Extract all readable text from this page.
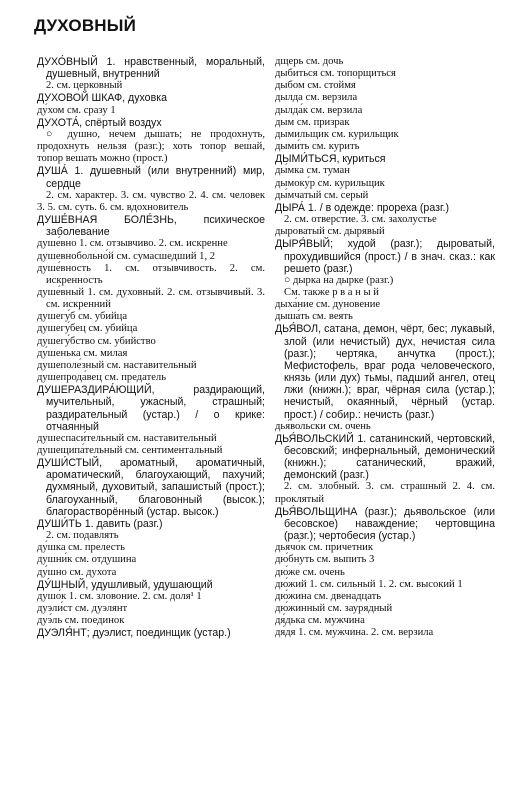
ДУХОВНЫЙ
ДУХО́ВНЫЙ 1. нравственный, моральный, душевный, внутренний
2. см. церковный
ДУХОВОЙ ШКАФ, духовка
ду́хом см. сразу 1
ДУХОТА́, спёртый воздух
○ душно, нечем дышать; не продохнуть, продохнуть нельзя (разг.); хоть топор вешай, топор вешать можно (прост.)
ДУША́ 1. душевный (или внутренний) мир, сердце
2. см. характер. 3. см. чувство 2. 4. см. человек 3. 5. см. суть. 6. см. вдохновитель
ДУШЕ́ВНАЯ БОЛЕ́ЗНЬ, психическое заболевание
душе́вно 1. см. отзывчиво. 2. см. искренне
душевнобольно́й см. сумасшедший 1, 2
душе́вность 1. см. отзывчивость. 2. см. искренность
душе́вный 1. см. духовный. 2. см. отзывчивый. 3. см. искренний
душегу́б см. убийца
душегу́бец см. убийца
душегу́бство см. убийство
ду́шенька см. милая
душеполе́зный см. наставительный
душепрода́вец см. предатель
ДУШЕРАЗДИРА́ЮЩИЙ, раздирающий, мучительный, ужасный, страшный; раздирательный (устар.) / о крике: отчаянный
душеспаси́тельный см. наставительный
душещипа́тельный см. сентиментальный
ДУШИ́СТЫЙ, ароматный, ароматичный, ароматический, благоухающий, пахучий; духмяный, духовитый, запашистый (прост.); благоуханный, благовонный (высок.); благорастворённый (устар. высок.)
ДУШИ́ТЬ 1. давить (разг.)
2. см. подавлять
ду́шка см. прелесть
душни́к см. отдушина
ду́шно см. духота
ДУ́ШНЫЙ, удушливый, удушающий
душо́к 1. см. зловоние. 2. см. доля¹ 1
дуэли́ст см. дуэлянт
дуэ́ль см. поединок
ДУЭЛЯ́НТ; дуэлист, поединщик (устар.)
дщерь см. дочь
дыбиться см. топорщиться
дыбом см. стоймя
дылда см. верзила
дылда́к см. верзила
дым см. призрак
дымильщик см. курильщик
дыми́ть см. курить
ДЫМИ́ТЬСЯ, куриться
ды́мка см. туман
дымоку́р см. курильщик
ды́мчатый см. серый
ДЫРА́ 1. / в одежде: прореха (разг.)
2. см. отверстие. 3. см. захолустье
дыроватый см. дырявый
ДЫРЯ́ВЫЙ; худой (разг.); дыроватый, прохудившийся (прост.) / в знач. сказ.: как решето (разг.)
○ дырка на дырке (разг.)
См. также р в а н ы й
дыха́ние см. дуновение
дыша́ть см. веять
ДЬЯ́ВОЛ, сатана, демон, чёрт, бес; лукавый, злой (или нечистый) дух, нечистая сила (разг.); чертяка, анчутка (прост.); Мефистофель, враг рода человеческого, князь (или дух) тьмы, падший ангел, отец лжи (книжн.); враг, чёрная сила (устар.); нечистый, окаянный, чёрный (устар. прост.) / собир.: нечисть (разг.)
дья́вольски см. очень
ДЬЯ́ВОЛЬСКИЙ 1. сатанинский, чертовский, бесовский; инфернальный, демонический (книжн.); сатанический, вражий, демонский (разг.)
2. см. злобный. 3. см. страшный 2. 4. см. проклятый
ДЬЯ́ВОЛЬЩИНА (разг.); дьявольское (или бесовское) наваждение; чертовщина (разг.); чертобесия (устар.)
дьячо́к см. причетник
дю́бнуть см. выпить 3
дю́же см. очень
дю́жий 1. см. сильный 1. 2. см. высокий 1
дю́жина см. двенадцать
дю́жинный см. заурядный
дя́дька см. мужчина
дя́дя 1. см. мужчина. 2. см. верзила
